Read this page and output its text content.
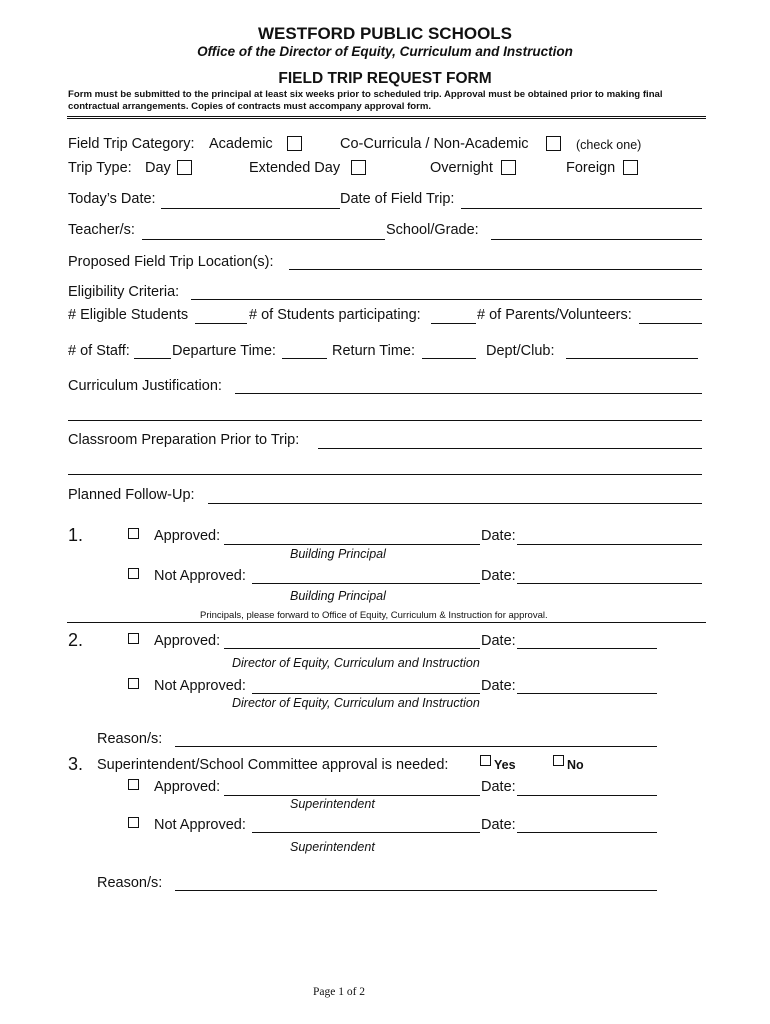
WESTFORD PUBLIC SCHOOLS
Office of the Director of Equity, Curriculum and Instruction
FIELD TRIP REQUEST FORM
Form must be submitted to the principal at least six weeks prior to scheduled trip. Approval must be obtained prior to making final
contractual arrangements. Copies of contracts must accompany approval form.
Field Trip Category: Academic	Co-Curricula / Non-Academic	(check one)
Trip Type: Day	Extended Day	Overnight	Foreign
Today’s Date:	Date of Field Trip:
Teacher/s:	School/Grade:
Proposed Field Trip Location(s):
Eligibility Criteria:
# Eligible Students	# of Students participating:	# of Parents/Volunteers:
# of Staff:	Departure Time:	Return Time:	Dept/Club:
Curriculum Justification:
Classroom Preparation Prior to Trip:
Planned Follow-Up:
1.	Approved:	Date:
Building Principal
Not Approved:	Date:
Building Principal
Principals, please forward to Office of Equity, Curriculum & Instruction for approval.
2.	Approved:	Date:
Director of Equity, Curriculum and Instruction
Not Approved:	Date:
Director of Equity, Curriculum and Instruction
Reason/s:
3. Superintendent/School Committee approval is needed:	Yes	No
Approved:	Date:
Superintendent
Not Approved:	Date:
Superintendent
Reason/s:
Page 1 of 2
